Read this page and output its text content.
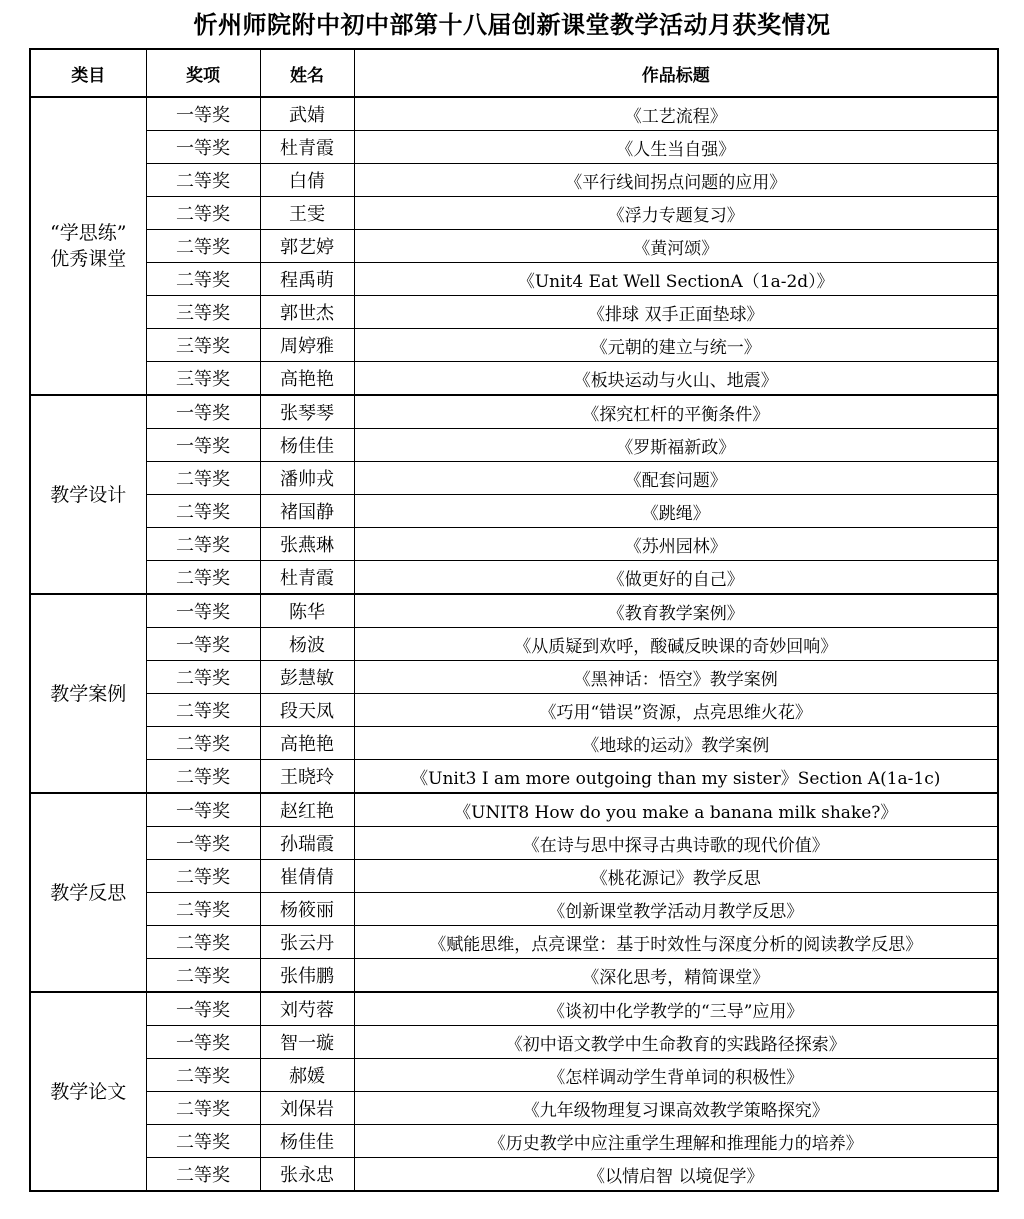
忻州师院附中初中部第十八届创新课堂教学活动月获奖情况
类目	奖项	姓名	作品标题
“学思练”
优秀课堂	一等奖	武婧	《工艺流程》
	一等奖	杜青霞	《人生当自强》
	二等奖	白倩	《平行线间拐点问题的应用》
	二等奖	王雯	《浮力专题复习》
	二等奖	郭艺婷	《黄河颂》
	二等奖	程禹萌	《Unit4 Eat Well SectionA（1a-2d）》
	三等奖	郭世杰	《排球 双手正面垫球》
	三等奖	周婷雅	《元朝的建立与统一》
	三等奖	高艳艳	《板块运动与火山、地震》
教学设计	一等奖	张琴琴	《探究杠杆的平衡条件》
	一等奖	杨佳佳	《罗斯福新政》
	二等奖	潘帅戎	《配套问题》
	二等奖	褚国静	《跳绳》
	二等奖	张燕琳	《苏州园林》
	二等奖	杜青霞	《做更好的自己》
教学案例	一等奖	陈华	《教育教学案例》
	一等奖	杨波	《从质疑到欢呼，酸碱反映课的奇妙回响》
	二等奖	彭慧敏	《黑神话：悟空》教学案例
	二等奖	段天凤	《巧用“错误”资源，点亮思维火花》
	二等奖	高艳艳	《地球的运动》教学案例
	二等奖	王晓玲	《Unit3 I am more outgoing than my sister》Section A(1a-1c)
教学反思	一等奖	赵红艳	《UNIT8 How do you make a banana milk shake?》
	一等奖	孙瑞霞	《在诗与思中探寻古典诗歌的现代价值》
	二等奖	崔倩倩	《桃花源记》教学反思
	二等奖	杨筱丽	《创新课堂教学活动月教学反思》
	二等奖	张云丹	《赋能思维，点亮课堂：基于时效性与深度分析的阅读教学反思》
	二等奖	张伟鹏	《深化思考，精简课堂》
教学论文	一等奖	刘芍蓉	《谈初中化学教学的“三导”应用》
	一等奖	智一璇	《初中语文教学中生命教育的实践路径探索》
	二等奖	郝媛	《怎样调动学生背单词的积极性》
	二等奖	刘保岩	《九年级物理复习课高效教学策略探究》
	二等奖	杨佳佳	《历史教学中应注重学生理解和推理能力的培养》
	二等奖	张永忠	《以情启智 以境促学》
